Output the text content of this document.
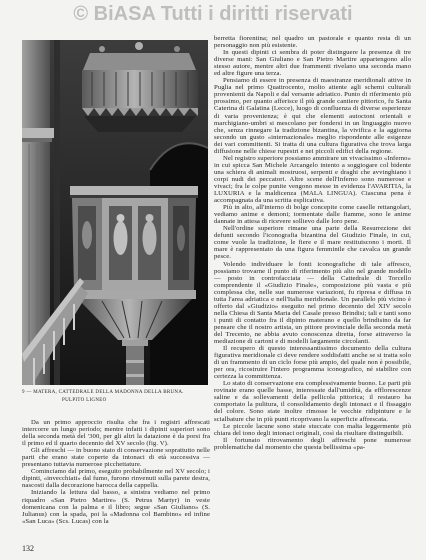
© BiASA Tutti i diritti riservati
9 — MATERA, CATTEDRALE DELLA MADONNA DELLA BRUNA.
PULPITO LIGNEO

Da un primo approccio risulta che fra i registri affrescati intercorre un lungo periodo; mentre infatti i dipinti superiori sono della seconda metà del '300, per gli altri la datazione è da porsi fra il primo ed il quarto decennio del XV secolo (fig. V).

Gli affreschi — in buono stato di conservazione soprattutto nelle parti che erano state coperte da intonaci di età successiva — presentano tuttavia numerose picchettature.

Cominciamo dal primo, eseguito probabilmente nel XV secolo; i dipinti, «invecchiati» dal fumo, furono rinvenuti sulla parete destra, nascosti dalla decorazione barocca della cappella.

Iniziando la lettura dal basso, a sinistra vediamo nel primo riquadro «San Pietro Martire» (S. Petrus Martyr) in veste domenicana con la palma e il libro; segue «San Giuliano» (S. Julianus) con la spada, poi la «Madonna col Bambino» ed infine «San Luca» (Scs. Lucas) con la

berretta fiorentina; nel quadro un pastorale e quanto resta di un personaggio non più esistente.

In questi dipinti ci sembra di poter distinguere la presenza di tre diverse mani: San Giuliano e San Pietro Martire appartengono allo stesso autore, mentre altri due frammenti rivelano una seconda mano ed altre figure una terza.

Pensiamo di essere in presenza di maestranze meridionali attive in Puglia nel primo Quattrocento, molto attente agli schemi culturali provenienti da Napoli e dal versante adriatico. Punto di riferimento più prossimo, per quanto afferisce il più grande cantiere pittorico, fu Santa Caterina di Galatina (Lecce), luogo di confluenza di diverse esperienze di varia provenienza; è qui che elementi autoctoni orientali e marchigiano-umbri si mescolano per fondersi in un linguaggio nuovo che, senza rinnegare la tradizione bizantina, la vivifica e la aggiorna secondo un gusto «internazionale» meglio rispondente alle esigenze dei vari committenti. Si tratta di una cultura figurativa che trova larga diffusione nelle chiese rupestri e nei piccoli edifici della regione.

Nel registro superiore possiamo ammirare un vivacissimo «Inferno» in cui spicca San Michele Arcangelo intento a soggiogare col bidente una schiera di animali mostruosi, serpenti e draghi che avvinghiano i corpi nudi dei peccatori. Altre scene dell'Inferno sono numerose e vivaci; fra le colpe punite vengono messe in evidenza l'AVARITIA, la LUXURIA e la maldicenza (MALA LINGUA). Ciascuna pena è accompagnata da una scritta esplicativa.

Più in alto, all'interno di bolge concepite come caselle rettangolari, vediamo anime e demoni; tormentate dalle fiamme, sono le anime dannate in attesa di ricevere sollievo dalle loro pene.

Nell'ordine superiore rimane una parte della Resurrezione dei defunti secondo l'iconografia bizantina del Giudizio Finale, in cui, come vuole la tradizione, le fiere e il mare restituiscono i morti. Il mare è rappresentato da una figura femminile che cavalca un grande pesce.

Volendo individuare le fonti iconografiche di tale affresco, possiamo trovarne il punto di riferimento più alto nel grande modello — posto in controfacciata — della Cattedrale di Torcello comprendente il «Giudizio Finale», composizione più vasta e più complessa che, nelle sue numerose variazioni, fu ripresa e diffusa in tutta l'area adriatica e nell'Italia meridionale. Un parallelo più vicino è offerto dal «Giudizio» eseguito nel primo decennio del XIV secolo nella Chiesa di Santa Maria del Casale presso Brindisi; tali e tanti sono i punti di contatto fra il dipinto materano e quello brindisino da far pensare che il nostro artista, un pittore provinciale della seconda metà del Trecento, ne abbia avuto conoscenza diretta, forse attraverso la mediazione di cartoni e di modelli largamente circolanti.

Il recupero di questo interessantissimo documento della cultura figurativa meridionale ci deve rendere soddisfatti anche se si tratta solo di un frammento di un ciclo forse più ampio, del quale non è possibile, per ora, ricostruire l'intero programma iconografico, né stabilire con certezza la committenza.

Lo stato di conservazione era complessivamente buono. Le parti più rovinate erano quelle basse, interessate dall'umidità, da efflorescenze saline e da sollevamenti della pellicola pittorica; il restauro ha comportato la pulitura, il consolidamento degli intonaci e il fissaggio del colore. Sono state inoltre rimosse le vecchie ridipinture e le scialbature che in più punti ricoprivano la superficie affrescata.

Le piccole lacune sono state stuccate con malta leggermente più chiara del tono degli intonaci originali, così da risultare distinguibili.

Il fortunato ritrovamento degli affreschi pone numerose problematiche dal momento che questa bellissima «pa-

132
